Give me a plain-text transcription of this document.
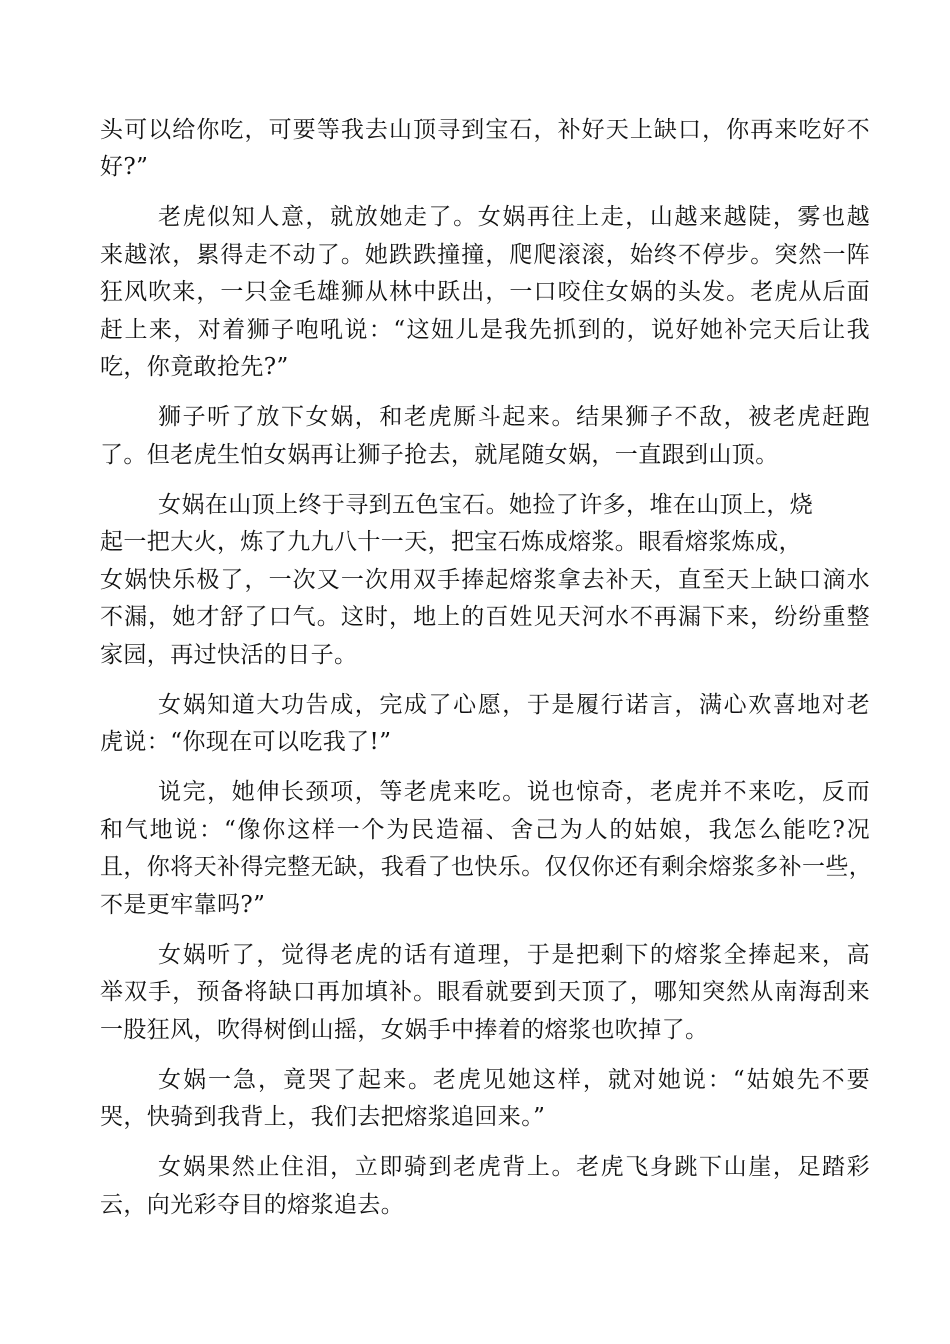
头可以给你吃，可要等我去山顶寻到宝石，补好天上缺口，你再来吃好不
好?”
老虎似知人意，就放她走了。女娲再往上走，山越来越陡，雾也越
来越浓，累得走不动了。她跌跌撞撞，爬爬滚滚，始终不停步。突然一阵
狂风吹来，一只金毛雄狮从林中跃出，一口咬住女娲的头发。老虎从后面
赶上来，对着狮子咆吼说：“这妞儿是我先抓到的，说好她补完天后让我
吃，你竟敢抢先?”
狮子听了放下女娲，和老虎厮斗起来。结果狮子不敌，被老虎赶跑
了。但老虎生怕女娲再让狮子抢去，就尾随女娲，一直跟到山顶。
女娲在山顶上终于寻到五色宝石。她捡了许多，堆在山顶上，烧
起一把大火，炼了九九八十一天，把宝石炼成熔浆。眼看熔浆炼成，
女娲快乐极了，一次又一次用双手捧起熔浆拿去补天，直至天上缺口滴水
不漏，她才舒了口气。这时，地上的百姓见天河水不再漏下来，纷纷重整
家园，再过快活的日子。
女娲知道大功告成，完成了心愿，于是履行诺言，满心欢喜地对老
虎说：“你现在可以吃我了!”
说完，她伸长颈项，等老虎来吃。说也惊奇，老虎并不来吃，反而
和气地说：“像你这样一个为民造福、舍己为人的姑娘，我怎么能吃?况
且，你将天补得完整无缺，我看了也快乐。仅仅你还有剩余熔浆多补一些，
不是更牢靠吗?”
女娲听了，觉得老虎的话有道理，于是把剩下的熔浆全捧起来，高
举双手，预备将缺口再加填补。眼看就要到天顶了，哪知突然从南海刮来
一股狂风，吹得树倒山摇，女娲手中捧着的熔浆也吹掉了。
女娲一急，竟哭了起来。老虎见她这样，就对她说：“姑娘先不要
哭，快骑到我背上，我们去把熔浆追回来。”
女娲果然止住泪，立即骑到老虎背上。老虎飞身跳下山崖，足踏彩
云，向光彩夺目的熔浆追去。
